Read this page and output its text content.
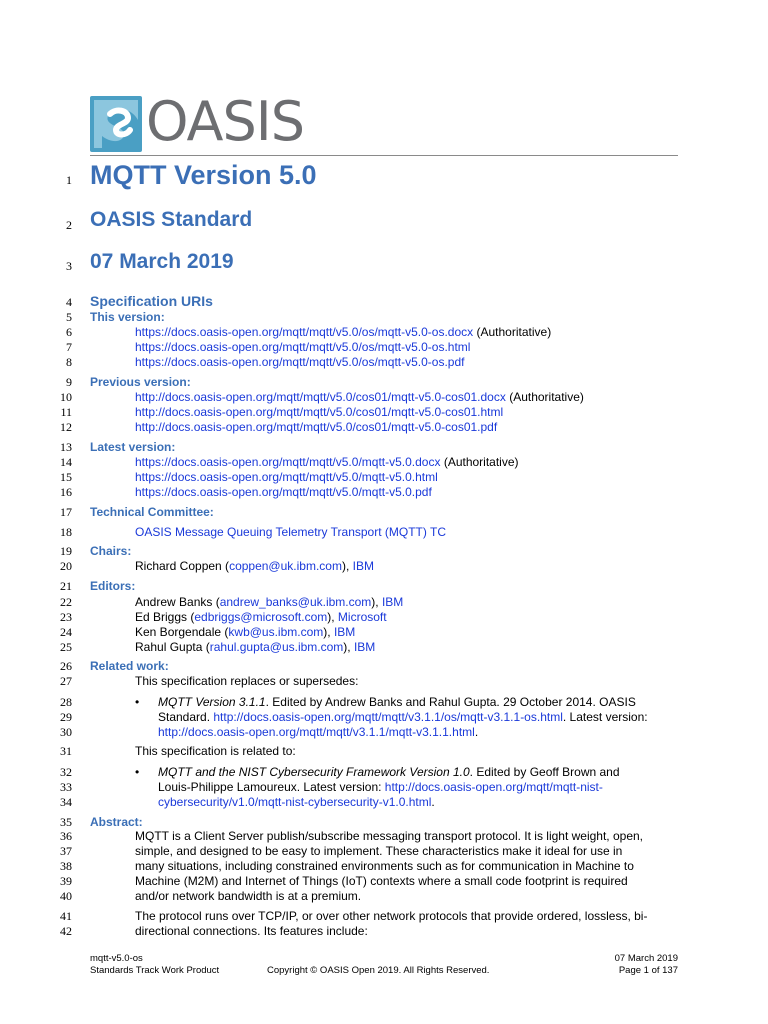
OASIS
1
2
3
4
5
6
7
8
9
10
11
12
13
14
15
16
17
18
19
20
21
22
23
24
25
26
27
28
29
30
31
32
33
34
35
36
37
38
39
40
41
42
MQTT Version 5.0
OASIS Standard
07 March 2019
Specification URIs
This version:
https://docs.oasis-open.org/mqtt/mqtt/v5.0/os/mqtt-v5.0-os.docx (Authoritative)
https://docs.oasis-open.org/mqtt/mqtt/v5.0/os/mqtt-v5.0-os.html
https://docs.oasis-open.org/mqtt/mqtt/v5.0/os/mqtt-v5.0-os.pdf
Previous version:
http://docs.oasis-open.org/mqtt/mqtt/v5.0/cos01/mqtt-v5.0-cos01.docx (Authoritative)
http://docs.oasis-open.org/mqtt/mqtt/v5.0/cos01/mqtt-v5.0-cos01.html
http://docs.oasis-open.org/mqtt/mqtt/v5.0/cos01/mqtt-v5.0-cos01.pdf
Latest version:
https://docs.oasis-open.org/mqtt/mqtt/v5.0/mqtt-v5.0.docx (Authoritative)
https://docs.oasis-open.org/mqtt/mqtt/v5.0/mqtt-v5.0.html
https://docs.oasis-open.org/mqtt/mqtt/v5.0/mqtt-v5.0.pdf
Technical Committee:
OASIS Message Queuing Telemetry Transport (MQTT) TC
Chairs:
Richard Coppen (coppen@uk.ibm.com), IBM
Editors:
Andrew Banks (andrew_banks@uk.ibm.com), IBM
Ed Briggs (edbriggs@microsoft.com), Microsoft
Ken Borgendale (kwb@us.ibm.com), IBM
Rahul Gupta (rahul.gupta@us.ibm.com), IBM
Related work:
This specification replaces or supersedes:
• MQTT Version 3.1.1. Edited by Andrew Banks and Rahul Gupta. 29 October 2014. OASIS
Standard. http://docs.oasis-open.org/mqtt/mqtt/v3.1.1/os/mqtt-v3.1.1-os.html. Latest version:
http://docs.oasis-open.org/mqtt/mqtt/v3.1.1/mqtt-v3.1.1.html.
This specification is related to:
• MQTT and the NIST Cybersecurity Framework Version 1.0. Edited by Geoff Brown and
Louis-Philippe Lamoureux. Latest version: http://docs.oasis-open.org/mqtt/mqtt-nist-
cybersecurity/v1.0/mqtt-nist-cybersecurity-v1.0.html.
Abstract:
MQTT is a Client Server publish/subscribe messaging transport protocol. It is light weight, open,
simple, and designed to be easy to implement. These characteristics make it ideal for use in
many situations, including constrained environments such as for communication in Machine to
Machine (M2M) and Internet of Things (IoT) contexts where a small code footprint is required
and/or network bandwidth is at a premium.
The protocol runs over TCP/IP, or over other network protocols that provide ordered, lossless, bi-
directional connections. Its features include:
mqtt-v5.0-os
Standards Track Work Product	Copyright © OASIS Open 2019. All Rights Reserved.
07 March 2019
Page 1 of 137
